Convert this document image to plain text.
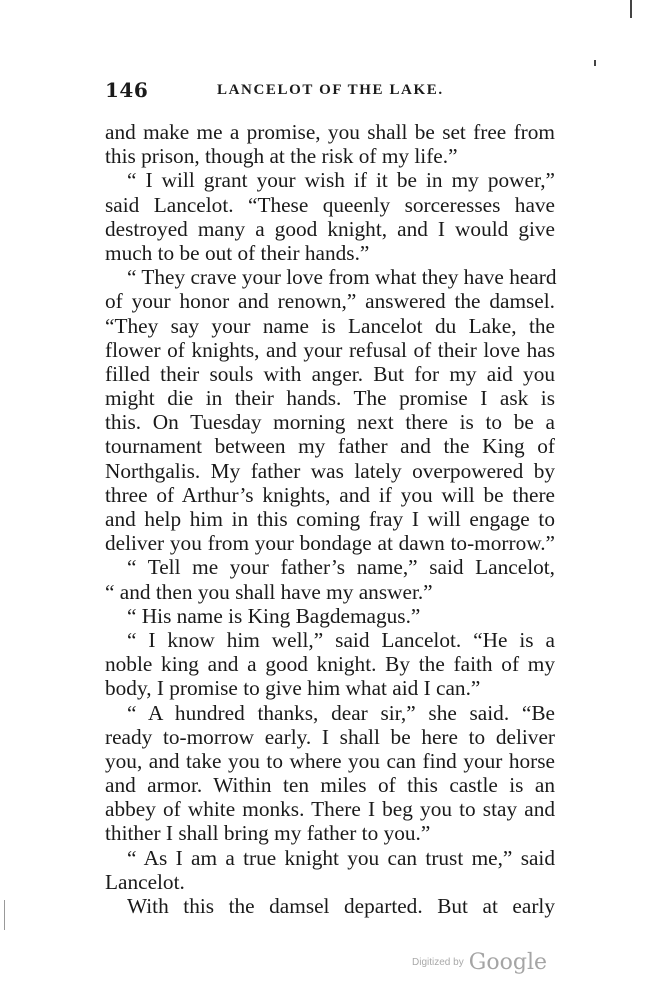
146	LANCELOT OF THE LAKE.
and make me a promise, you shall be set free from
this prison, though at the risk of my life.”
“ I will grant your wish if it be in my power,”
said Lancelot. “These queenly sorceresses have
destroyed many a good knight, and I would give
much to be out of their hands.”
“ They crave your love from what they have heard
of your honor and renown,” answered the damsel.
“They say your name is Lancelot du Lake, the
flower of knights, and your refusal of their love has
filled their souls with anger. But for my aid you
might die in their hands. The promise I ask is
this. On Tuesday morning next there is to be a
tournament between my father and the King of
Northgalis. My father was lately overpowered by
three of Arthur’s knights, and if you will be there
and help him in this coming fray I will engage to
deliver you from your bondage at dawn to-morrow.”
“ Tell me your father’s name,” said Lancelot,
“ and then you shall have my answer.”
“ His name is King Bagdemagus.”
“ I know him well,” said Lancelot. “He is a
noble king and a good knight. By the faith of my
body, I promise to give him what aid I can.”
“ A hundred thanks, dear sir,” she said. “Be
ready to-morrow early. I shall be here to deliver
you, and take you to where you can find your horse
and armor. Within ten miles of this castle is an
abbey of white monks. There I beg you to stay and
thither I shall bring my father to you.”
“ As I am a true knight you can trust me,” said
Lancelot.
With this the damsel departed. But at early
Digitized by Google
